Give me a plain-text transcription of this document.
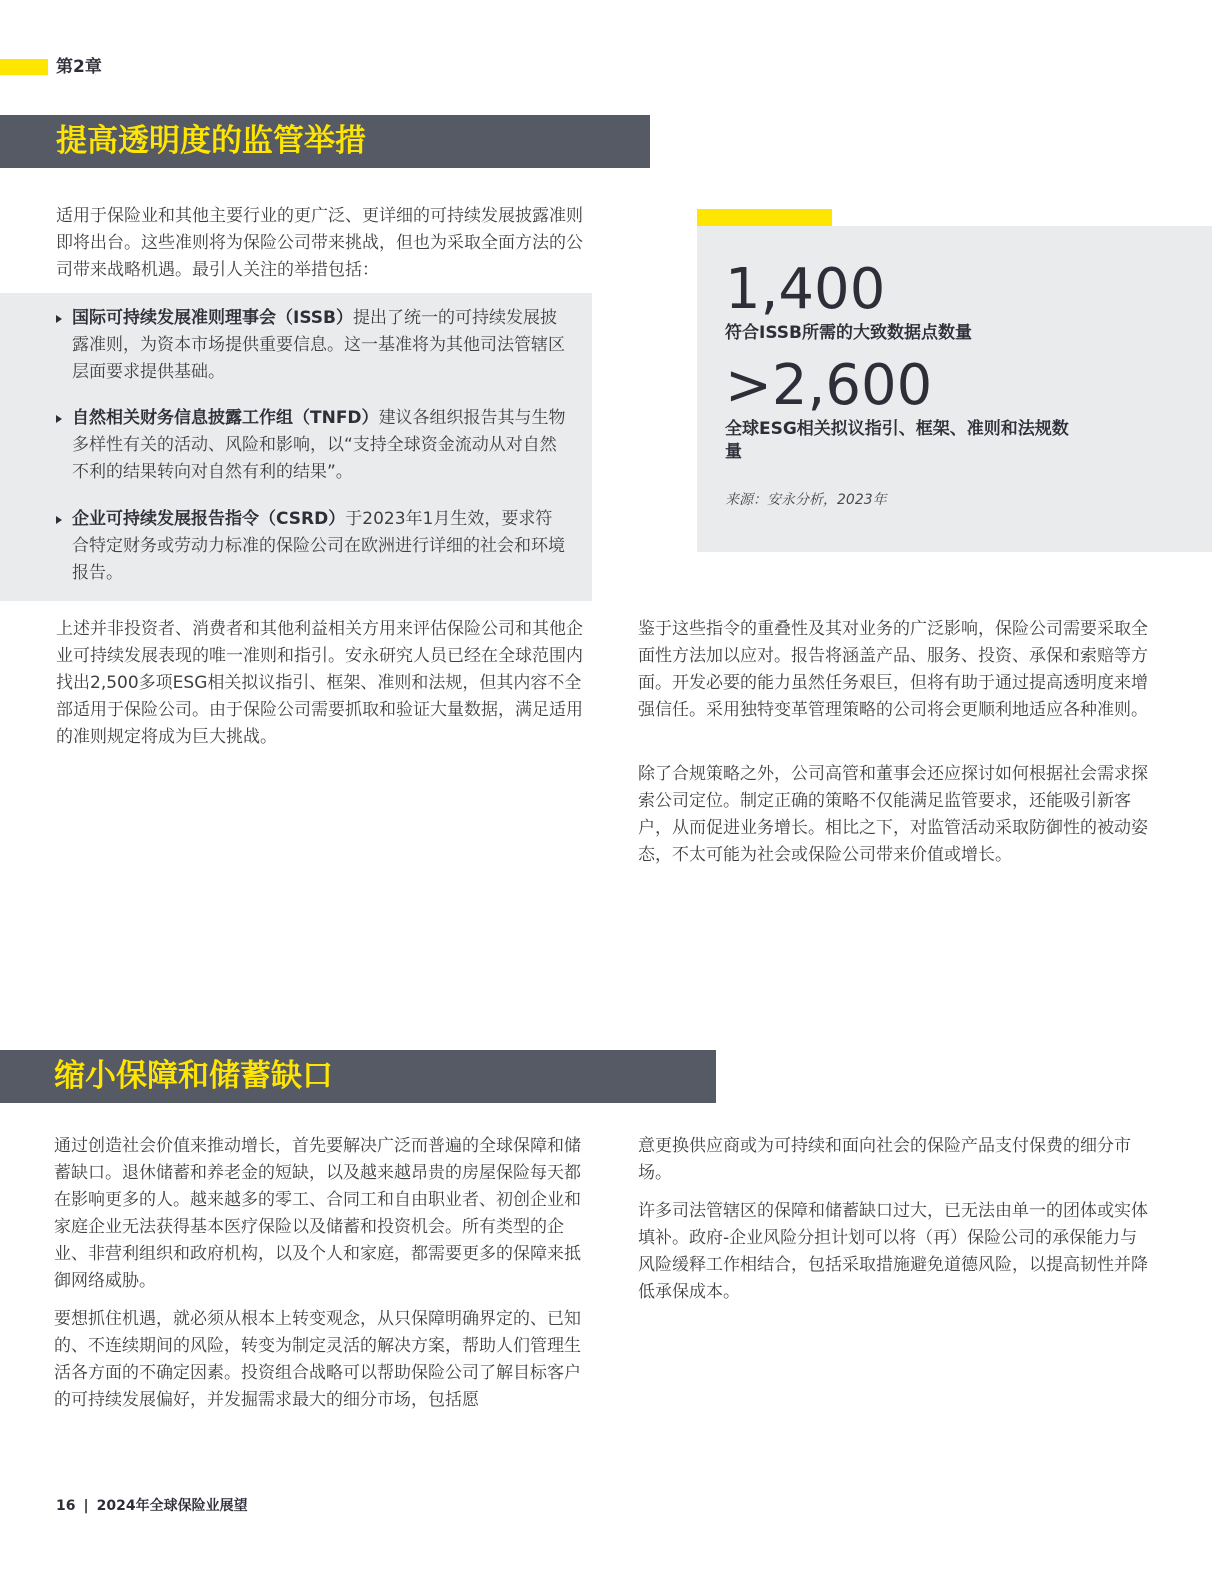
第2章
提高透明度的监管举措

适用于保险业和其他主要行业的更广泛、更详细的可持续发展披露准则即将出台。这些准则将为保险公司带来挑战，但也为采取全面方法的公司带来战略机遇。最引人关注的举措包括：

国际可持续发展准则理事会（ISSB）提出了统一的可持续发展披露准则，为资本市场提供重要信息。这一基准将为其他司法管辖区层面要求提供基础。
自然相关财务信息披露工作组（TNFD）建议各组织报告其与生物多样性有关的活动、风险和影响，以“支持全球资金流动从对自然不利的结果转向对自然有利的结果”。
企业可持续发展报告指令（CSRD）于2023年1月生效，要求符合特定财务或劳动力标准的保险公司在欧洲进行详细的社会和环境报告。

上述并非投资者、消费者和其他利益相关方用来评估保险公司和其他企业可持续发展表现的唯一准则和指引。安永研究人员已经在全球范围内找出2,500多项ESG相关拟议指引、框架、准则和法规，但其内容不全部适用于保险公司。由于保险公司需要抓取和验证大量数据，满足适用的准则规定将成为巨大挑战。

1,400
符合ISSB所需的大致数据点数量
>2,600
全球ESG相关拟议指引、框架、准则和法规数量
来源：安永分析，2023年

鉴于这些指令的重叠性及其对业务的广泛影响，保险公司需要采取全面性方法加以应对。报告将涵盖产品、服务、投资、承保和索赔等方面。开发必要的能力虽然任务艰巨，但将有助于通过提高透明度来增强信任。采用独特变革管理策略的公司将会更顺利地适应各种准则。

除了合规策略之外，公司高管和董事会还应探讨如何根据社会需求探索公司定位。制定正确的策略不仅能满足监管要求，还能吸引新客户，从而促进业务增长。相比之下，对监管活动采取防御性的被动姿态，不太可能为社会或保险公司带来价值或增长。

缩小保障和储蓄缺口

通过创造社会价值来推动增长，首先要解决广泛而普遍的全球保障和储蓄缺口。退休储蓄和养老金的短缺，以及越来越昂贵的房屋保险每天都在影响更多的人。越来越多的零工、合同工和自由职业者、初创企业和家庭企业无法获得基本医疗保险以及储蓄和投资机会。所有类型的企业、非营利组织和政府机构，以及个人和家庭，都需要更多的保障来抵御网络威胁。

要想抓住机遇，就必须从根本上转变观念，从只保障明确界定的、已知的、不连续期间的风险，转变为制定灵活的解决方案，帮助人们管理生活各方面的不确定因素。投资组合战略可以帮助保险公司了解目标客户的可持续发展偏好，并发掘需求最大的细分市场，包括愿

意更换供应商或为可持续和面向社会的保险产品支付保费的细分市场。

许多司法管辖区的保障和储蓄缺口过大，已无法由单一的团体或实体填补。政府-企业风险分担计划可以将（再）保险公司的承保能力与风险缓释工作相结合，包括采取措施避免道德风险，以提高韧性并降低承保成本。

16 | 2024年全球保险业展望
